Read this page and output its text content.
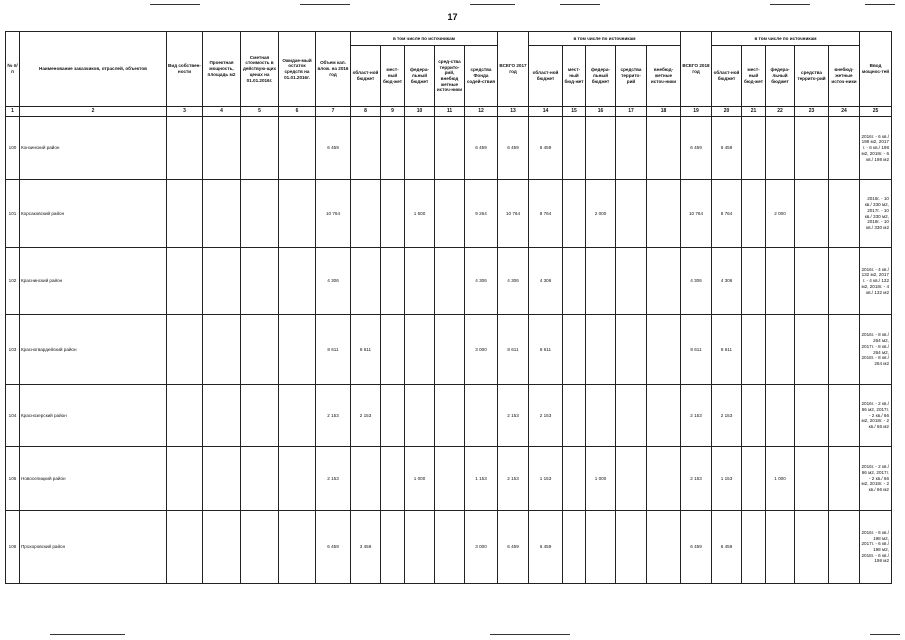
17
№ п/п	Наименование заказчиков, отраслей, объектов	Вид собствен-ности	Проектная мощность, площадь м2	Сметная стоимость в действую-щих ценах на 01.01.2016г.	Ожидае-мый остаток средств на 01.01.2016г.	Объем кап. влож. на 2016 год	в том числе по источникам					ВСЕГО 2017 год	в том числе по источникам					ВСЕГО 2018 год	в том числе по источникам					Ввод мощнос-тей
							област-ной бюджет	мест-ный бюд-жет	федера-льный бюджет	сред-ства террито-рий, внебюд жетные источ-ники	средства Фонда содей-ствия		област-ной бюджет	мест-ный бюд-жет	федера-льный бюджет	средства террито-рий	внебюд-жетные источ-ники		област-ной бюджет	мест-ный бюд-жет	федера-льный бюджет	средства террито-рий	внебюд-жетные источ-ники	
1	2	3	4	5	6	7	8	9	10	11	12	13	14	15	16	17	18	19	20	21	22	23	24	25
100	Конзинский район					6 459					6 459	6 459	6 459					6 459	6 459					2016г. - 6 кв./ 198 м2, 2017 г. - 6 кв./ 198 м2, 2018г. - 6 кв./ 198 м2
101	Корсаковский район					10 764			1 500		9 264	10 764	8 764		2 000			10 764	8 764		2 000			2016г. - 10 кв./ 330 м2, 2017г. - 10 кв./ 330 м2, 2018г. - 10 кв./ 330 м2
102	Краснинский район					4 306					4 306	4 306	4 306					4 306	4 306					2016г. - 4 кв./ 132 м2, 2017 г. - 4 кв./ 132 м2, 2018г. - 4 кв./ 132 м2
103	Красногвардейский район					8 611	8 611				3 000	8 611	8 611					8 611	8 611					2016г. - 8 кв./ 264 м2, 2017г. - 8 кв./ 264 м2, 2018г. - 8 кв./ 264 м2
104	Краснозерский район					2 153	2 153					2 153	2 153					2 153	2 153					2016г. - 2 кв./ 66 м2, 2017г. - 2 кв./ 66 м2, 2018г. - 2 кв./ 66 м2
105	Новоселицкий район					2 153			1 000		1 153	2 153	1 153		1 000			2 153	1 153		1 000			2016г. - 2 кв./ 66 м2, 2017г. - 2 кв./ 66 м2, 2018г. - 2 кв./ 66 м2
106	Прохоровский район					6 459	3 459				3 000	6 459	6 459					6 459	6 459					2016г. - 6 кв./ 198 м2, 2017г. - 6 кв./ 198 м2, 2018г. - 6 кв./ 198 м2
